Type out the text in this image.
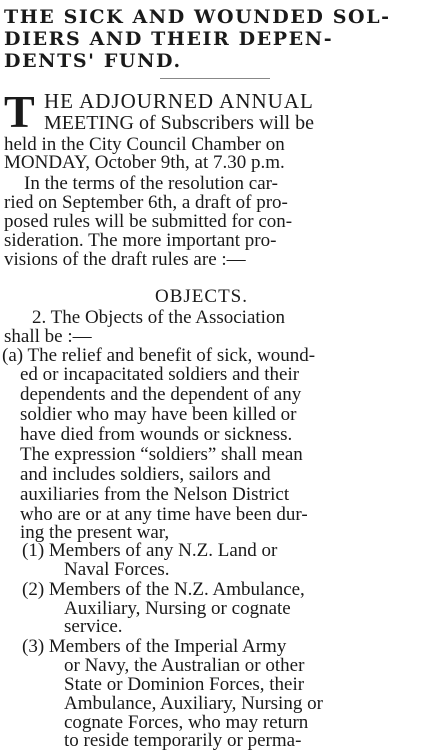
THE SICK AND WOUNDED SOL-
DIERS AND THEIR DEPEN-
DENTS' FUND.
T HE ADJOURNED ANNUAL
MEETING of Subscribers will be
held in the City Council Chamber on
MONDAY, October 9th, at 7.30 p.m.
In the terms of the resolution car-
ried on September 6th, a draft of pro-
posed rules will be submitted for con-
sideration. The more important pro-
visions of the draft rules are :—
OBJECTS.
2. The Objects of the Association
shall be :—
(a) The relief and benefit of sick, wound-
ed or incapacitated soldiers and their
dependents and the dependent of any
soldier who may have been killed or
have died from wounds or sickness.
The expression “soldiers” shall mean
and includes soldiers, sailors and
auxiliaries from the Nelson District
who are or at any time have been dur-
ing the present war,
(1) Members of any N.Z. Land or
Naval Forces.
(2) Members of the N.Z. Ambulance,
Auxiliary, Nursing or cognate
service.
(3) Members of the Imperial Army
or Navy, the Australian or other
State or Dominion Forces, their
Ambulance, Auxiliary, Nursing or
cognate Forces, who may return
to reside temporarily or perma-
